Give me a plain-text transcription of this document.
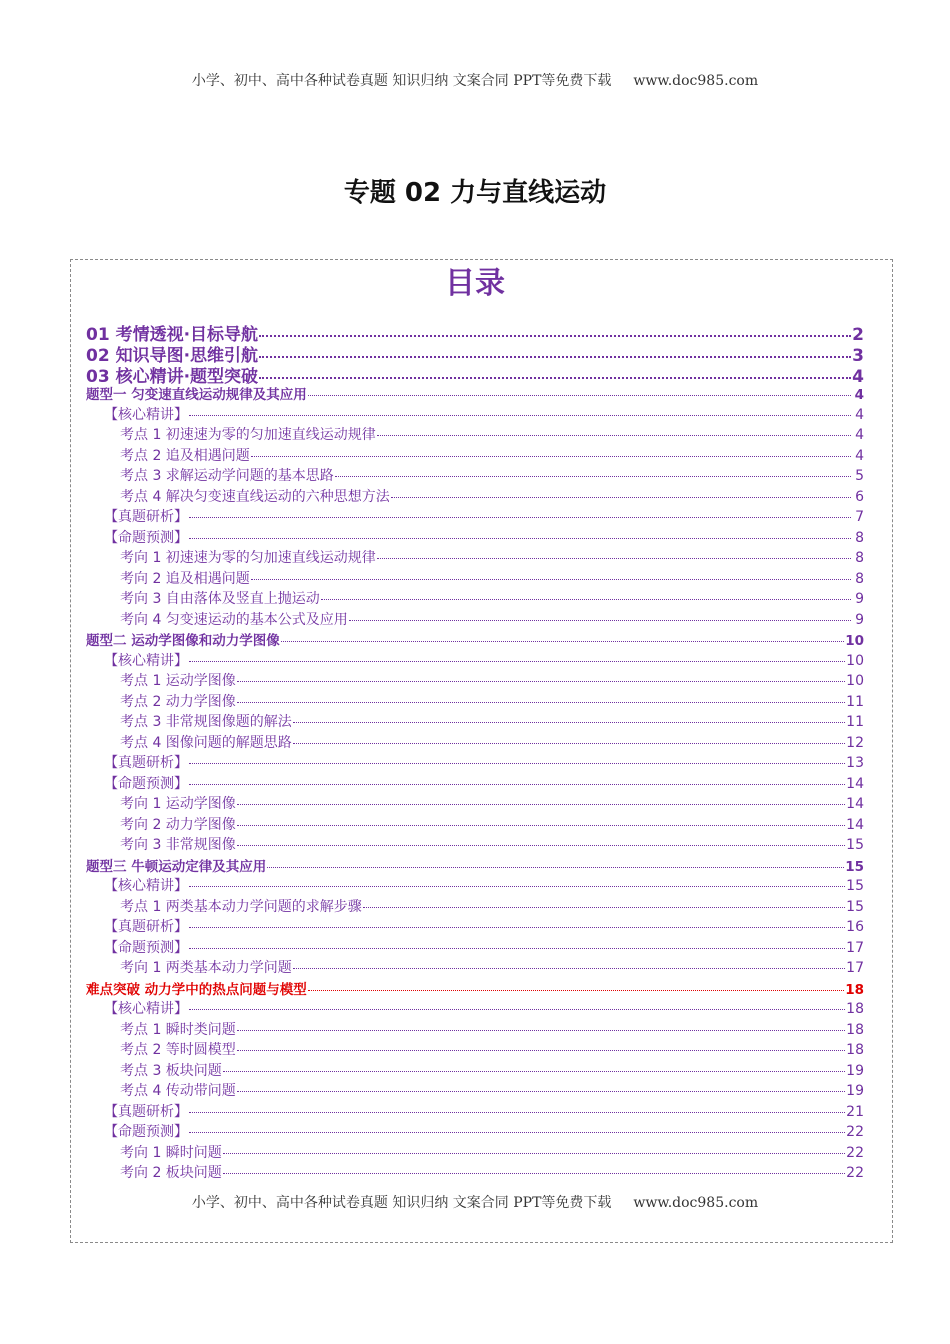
小学、初中、高中各种试卷真题 知识归纳 文案合同 PPT等免费下载 www.doc985.com
专题 02 力与直线运动
目录
01 考情透视·目标导航	2
02 知识导图·思维引航	3
03 核心精讲·题型突破	4
题型一 匀变速直线运动规律及其应用	4
【核心精讲】	4
考点 1 初速速为零的匀加速直线运动规律	4
考点 2 追及相遇问题	4
考点 3 求解运动学问题的基本思路	5
考点 4 解决匀变速直线运动的六种思想方法	6
【真题研析】	7
【命题预测】	8
考向 1 初速速为零的匀加速直线运动规律	8
考向 2 追及相遇问题	8
考向 3 自由落体及竖直上抛运动	9
考向 4 匀变速运动的基本公式及应用	9
题型二 运动学图像和动力学图像	10
【核心精讲】	10
考点 1 运动学图像	10
考点 2 动力学图像	11
考点 3 非常规图像题的解法	11
考点 4 图像问题的解题思路	12
【真题研析】	13
【命题预测】	14
考向 1 运动学图像	14
考向 2 动力学图像	14
考向 3 非常规图像	15
题型三 牛顿运动定律及其应用	15
【核心精讲】	15
考点 1 两类基本动力学问题的求解步骤	15
【真题研析】	16
【命题预测】	17
考向 1 两类基本动力学问题	17
难点突破 动力学中的热点问题与模型	18
【核心精讲】	18
考点 1 瞬时类问题	18
考点 2 等时圆模型	18
考点 3 板块问题	19
考点 4 传动带问题	19
【真题研析】	21
【命题预测】	22
考向 1 瞬时问题	22
考向 2 板块问题	22
小学、初中、高中各种试卷真题 知识归纳 文案合同 PPT等免费下载 www.doc985.com
